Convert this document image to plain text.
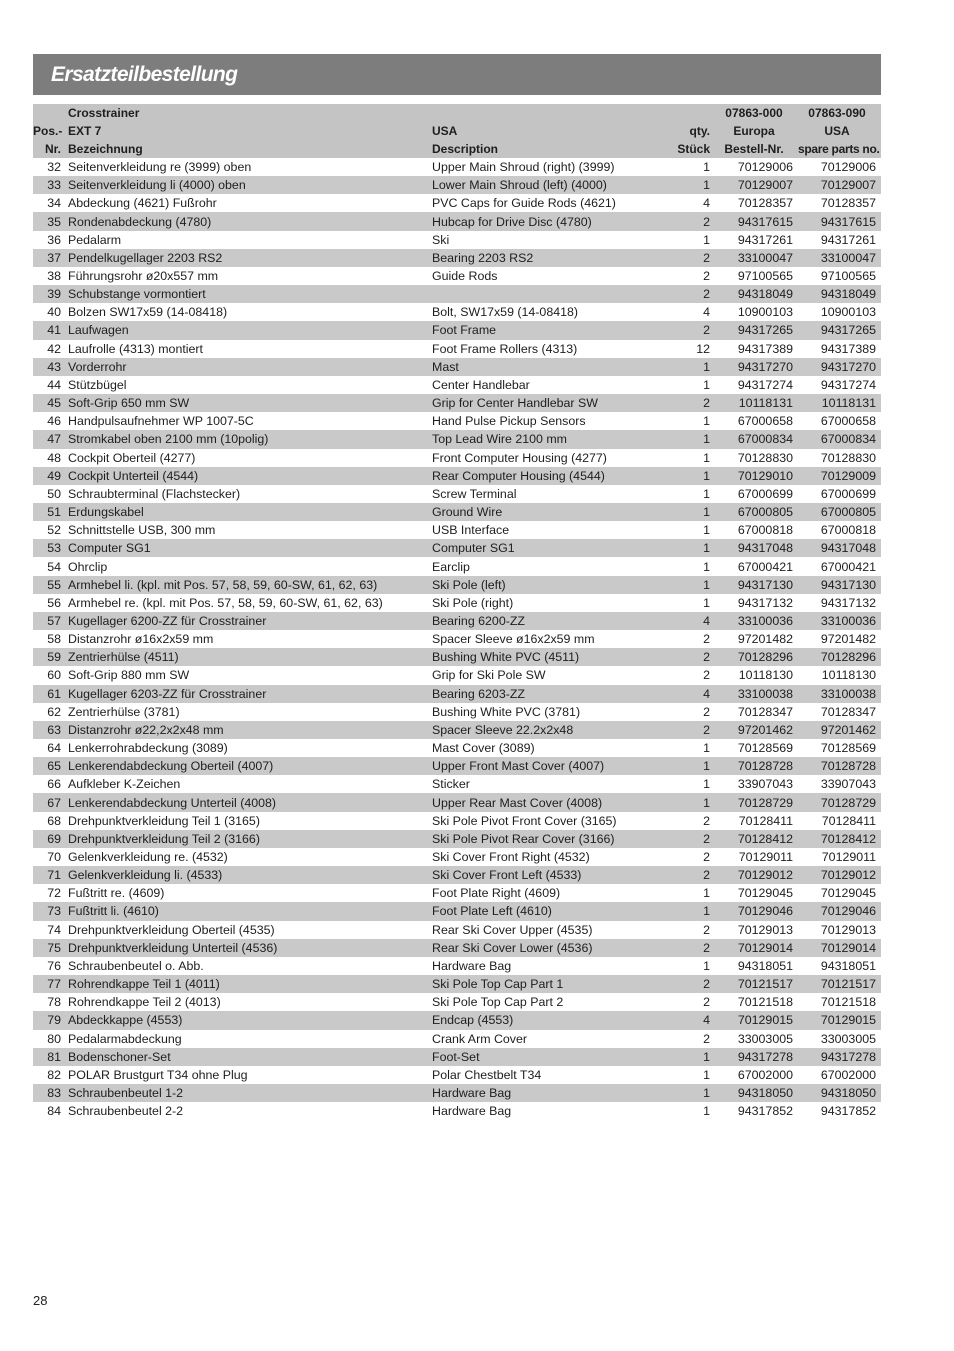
Ersatzteilbestellung
	Crosstrainer			07863-000	07863-090
Pos.-	EXT 7	USA	qty.	Europa	USA
Nr.	Bezeichnung	Description	Stück	Bestell-Nr.	spare parts no.
32	Seitenverkleidung re (3999) oben	Upper Main Shroud (right) (3999)	1	70129006	70129006
33	Seitenverkleidung li (4000) oben	Lower Main Shroud (left) (4000)	1	70129007	70129007
34	Abdeckung (4621) Fußrohr	PVC Caps for Guide Rods (4621)	4	70128357	70128357
35	Rondenabdeckung (4780)	Hubcap for Drive Disc (4780)	2	94317615	94317615
36	Pedalarm	Ski	1	94317261	94317261
37	Pendelkugellager 2203 RS2	Bearing 2203 RS2	2	33100047	33100047
38	Führungsrohr ø20x557 mm	Guide Rods	2	97100565	97100565
39	Schubstange vormontiert		2	94318049	94318049
40	Bolzen SW17x59 (14-08418)	Bolt, SW17x59 (14-08418)	4	10900103	10900103
41	Laufwagen	Foot Frame	2	94317265	94317265
42	Laufrolle (4313) montiert	Foot Frame Rollers (4313)	12	94317389	94317389
43	Vorderrohr	Mast	1	94317270	94317270
44	Stützbügel	Center Handlebar	1	94317274	94317274
45	Soft-Grip 650 mm SW	Grip for Center Handlebar SW	2	10118131	10118131
46	Handpulsaufnehmer WP 1007-5C	Hand Pulse Pickup Sensors	1	67000658	67000658
47	Stromkabel oben 2100 mm (10polig)	Top Lead Wire 2100 mm	1	67000834	67000834
48	Cockpit Oberteil (4277)	Front Computer Housing (4277)	1	70128830	70128830
49	Cockpit Unterteil (4544)	Rear Computer Housing (4544)	1	70129010	70129009
50	Schraubterminal (Flachstecker)	Screw Terminal	1	67000699	67000699
51	Erdungskabel	Ground Wire	1	67000805	67000805
52	Schnittstelle USB, 300 mm	USB Interface	1	67000818	67000818
53	Computer SG1	Computer SG1	1	94317048	94317048
54	Ohrclip	Earclip	1	67000421	67000421
55	Armhebel li. (kpl. mit Pos. 57, 58, 59, 60-SW, 61, 62, 63)	Ski Pole (left)	1	94317130	94317130
56	Armhebel re. (kpl. mit Pos. 57, 58, 59, 60-SW, 61, 62, 63)	Ski Pole (right)	1	94317132	94317132
57	Kugellager 6200-ZZ für Crosstrainer	Bearing 6200-ZZ	4	33100036	33100036
58	Distanzrohr ø16x2x59 mm	Spacer Sleeve ø16x2x59 mm	2	97201482	97201482
59	Zentrierhülse (4511)	Bushing White PVC (4511)	2	70128296	70128296
60	Soft-Grip 880 mm SW	Grip for Ski Pole SW	2	10118130	10118130
61	Kugellager 6203-ZZ für Crosstrainer	Bearing 6203-ZZ	4	33100038	33100038
62	Zentrierhülse (3781)	Bushing White PVC (3781)	2	70128347	70128347
63	Distanzrohr ø22,2x2x48 mm	Spacer Sleeve 22.2x2x48	2	97201462	97201462
64	Lenkerrohrabdeckung (3089)	Mast Cover (3089)	1	70128569	70128569
65	Lenkerendabdeckung Oberteil (4007)	Upper Front Mast Cover (4007)	1	70128728	70128728
66	Aufkleber K-Zeichen	Sticker	1	33907043	33907043
67	Lenkerendabdeckung Unterteil (4008)	Upper Rear Mast Cover (4008)	1	70128729	70128729
68	Drehpunktverkleidung Teil 1 (3165)	Ski Pole Pivot Front Cover (3165)	2	70128411	70128411
69	Drehpunktverkleidung Teil 2 (3166)	Ski Pole Pivot Rear Cover (3166)	2	70128412	70128412
70	Gelenkverkleidung re. (4532)	Ski Cover Front Right (4532)	2	70129011	70129011
71	Gelenkverkleidung li. (4533)	Ski Cover Front Left (4533)	2	70129012	70129012
72	Fußtritt re. (4609)	Foot Plate Right (4609)	1	70129045	70129045
73	Fußtritt li. (4610)	Foot Plate Left (4610)	1	70129046	70129046
74	Drehpunktverkleidung Oberteil (4535)	Rear Ski Cover Upper (4535)	2	70129013	70129013
75	Drehpunktverkleidung Unterteil (4536)	Rear Ski Cover Lower (4536)	2	70129014	70129014
76	Schraubenbeutel o. Abb.	Hardware Bag	1	94318051	94318051
77	Rohrendkappe Teil 1 (4011)	Ski Pole Top Cap Part 1	2	70121517	70121517
78	Rohrendkappe Teil 2 (4013)	Ski Pole Top Cap Part 2	2	70121518	70121518
79	Abdeckkappe (4553)	Endcap (4553)	4	70129015	70129015
80	Pedalarmabdeckung	Crank Arm Cover	2	33003005	33003005
81	Bodenschoner-Set	Foot-Set	1	94317278	94317278
82	POLAR Brustgurt T34 ohne Plug	Polar Chestbelt T34	1	67002000	67002000
83	Schraubenbeutel 1-2	Hardware Bag	1	94318050	94318050
84	Schraubenbeutel 2-2	Hardware Bag	1	94317852	94317852
28
